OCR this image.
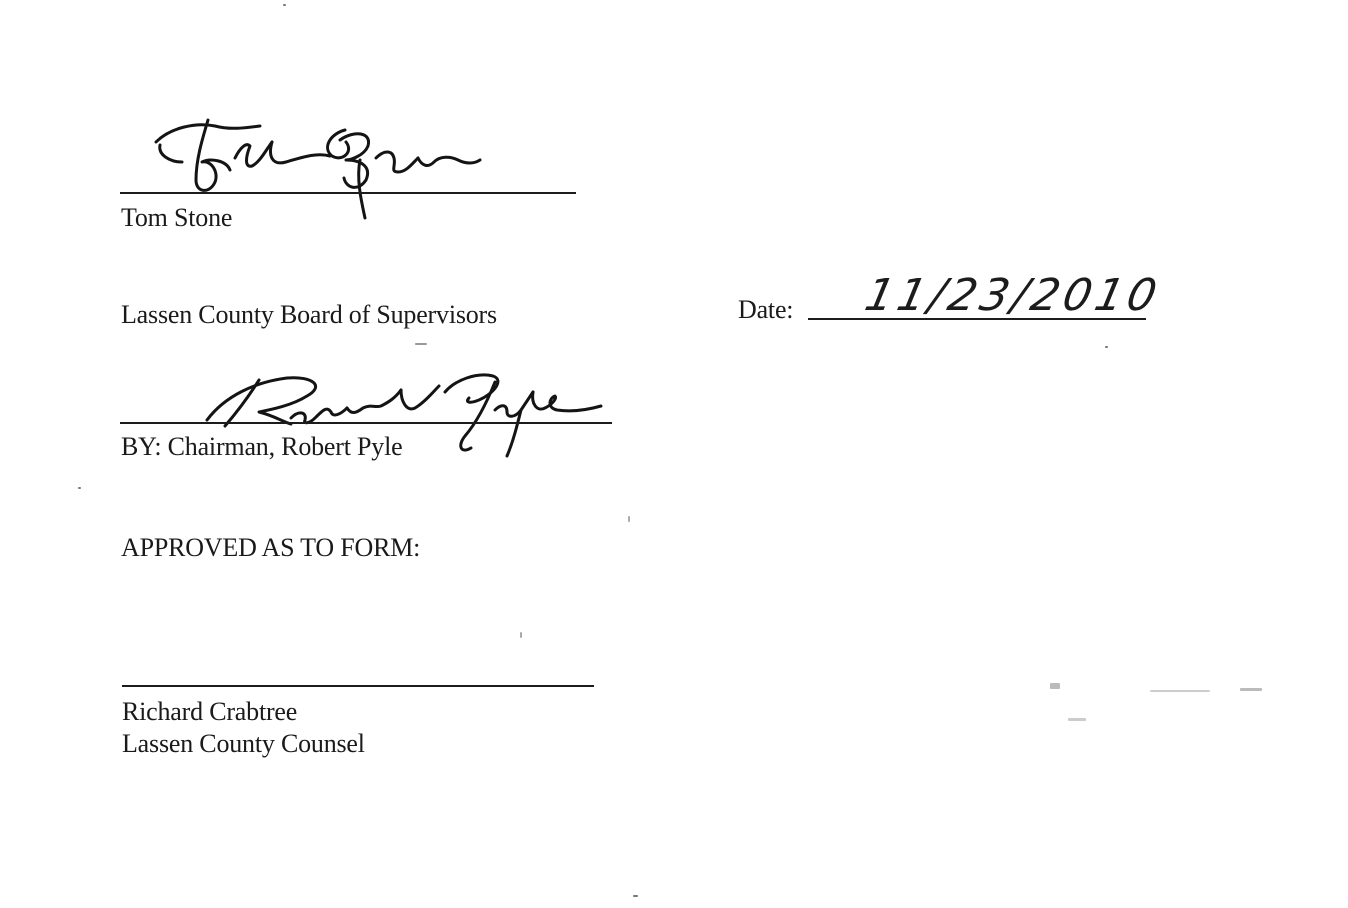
Tom Stone
Lassen County Board of Supervisors	Date: 11/23/2010
BY: Chairman, Robert Pyle
APPROVED AS TO FORM:
Richard Crabtree
Lassen County Counsel
